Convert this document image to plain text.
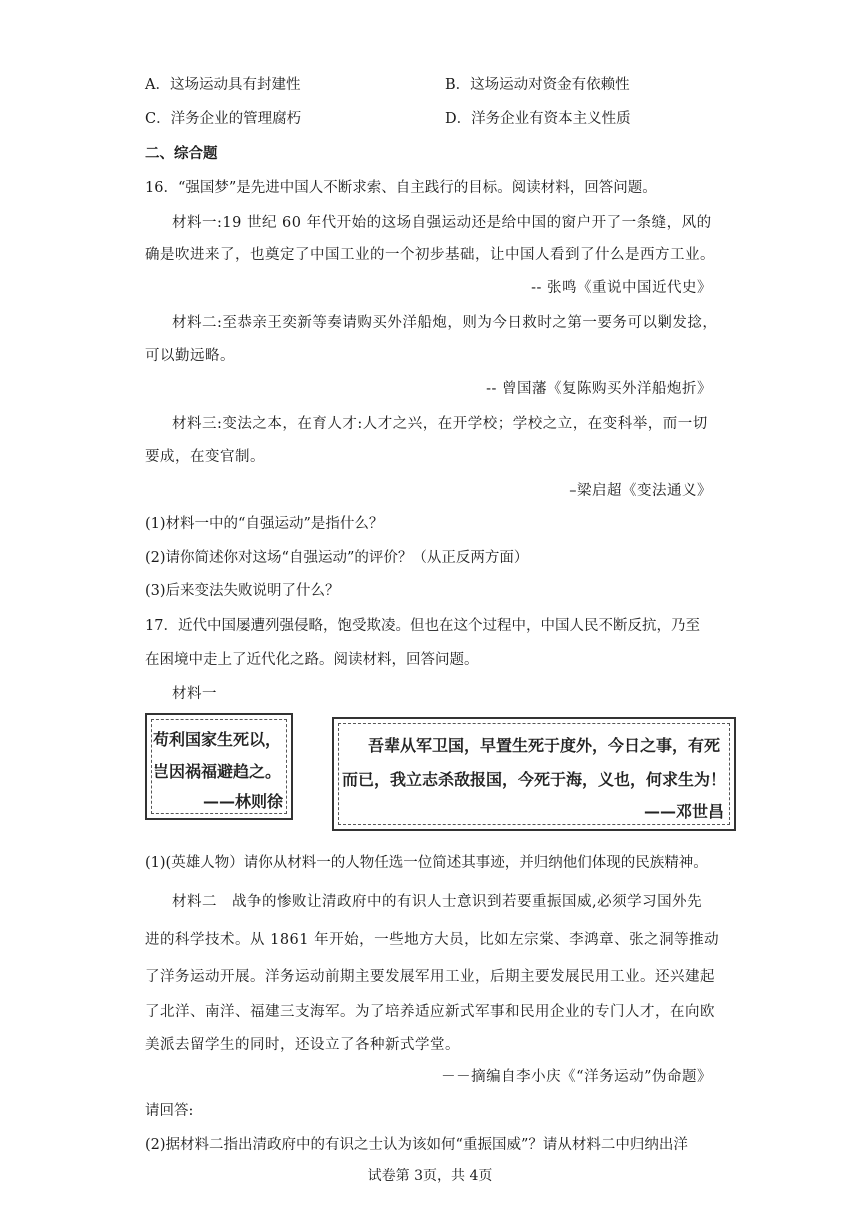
A．这场运动具有封建性	B．这场运动对资金有依赖性
C．洋务企业的管理腐朽	D．洋务企业有资本主义性质
二、综合题
16．“强国梦”是先进中国人不断求索、自主践行的目标。阅读材料，回答问题。
材料一:19 世纪 60 年代开始的这场自强运动还是给中国的窗户开了一条缝，风的
确是吹进来了，也奠定了中国工业的一个初步基础，让中国人看到了什么是西方工业。
-- 张鸣《重说中国近代史》
材料二:至恭亲王奕新等奏请购买外洋船炮，则为今日救时之第一要务可以剿发捻，
可以勤远略。
-- 曾国藩《复陈购买外洋船炮折》
材料三:变法之本，在育人才:人才之兴，在开学校；学校之立，在变科举，而一切
要成，在变官制。
–梁启超《变法通义》
(1)材料一中的“自强运动”是指什么？
(2)请你简述你对这场“自强运动”的评价？（从正反两方面）
(3)后来变法失败说明了什么？
17．近代中国屡遭列强侵略，饱受欺凌。但也在这个过程中，中国人民不断反抗，乃至
在困境中走上了近代化之路。阅读材料，回答问题。
材料一
苟利国家生死以，
岂因祸福避趋之。
——林则徐
吾辈从军卫国，早置生死于度外，今日之事，有死
而已，我立志杀敌报国，今死于海，义也，何求生为！
——邓世昌
(1)(英雄人物）请你从材料一的人物任选一位简述其事迹，并归纳他们体现的民族精神。
材料二　战争的惨败让清政府中的有识人士意识到若要重振国威,必须学习国外先
进的科学技术。从 1861 年开始，一些地方大员，比如左宗棠、李鸿章、张之洞等推动
了洋务运动开展。洋务运动前期主要发展军用工业，后期主要发展民用工业。还兴建起
了北洋、南洋、福建三支海军。为了培养适应新式军事和民用企业的专门人才，在向欧
美派去留学生的同时，还设立了各种新式学堂。
－－摘编自李小庆《“洋务运动”伪命题》
请回答:
(2)据材料二指出清政府中的有识之士认为该如何“重振国威”？请从材料二中归纳出洋
试卷第 3页，共 4页
